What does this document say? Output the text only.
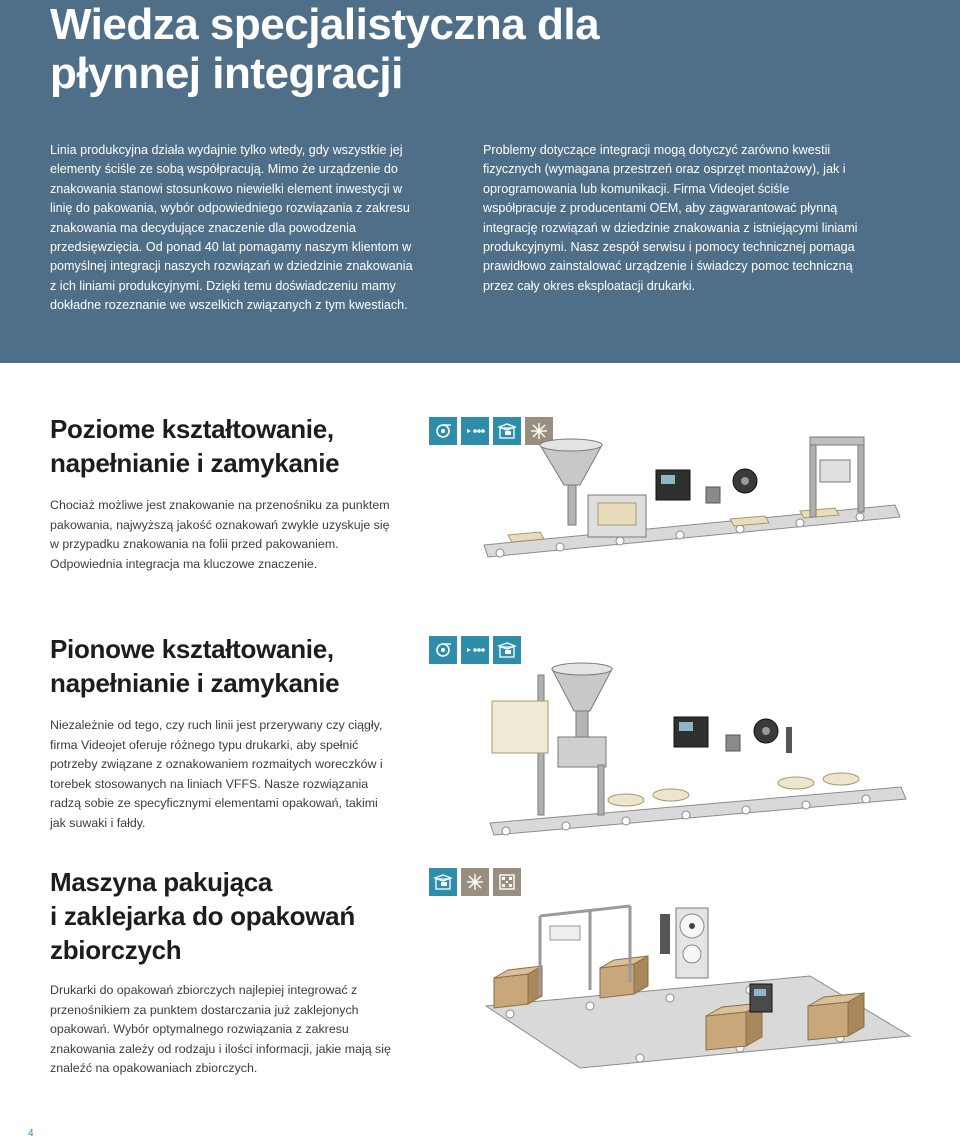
Wiedza specjalistyczna dla
płynnej integracji

Linia produkcyjna działa wydajnie tylko wtedy, gdy wszystkie jej elementy ściśle ze sobą współpracują. Mimo że urządzenie do znakowania stanowi stosunkowo niewielki element inwestycji w linię do pakowania, wybór odpowiedniego rozwiązania z zakresu znakowania ma decydujące znaczenie dla powodzenia przedsięwzięcia. Od ponad 40 lat pomagamy naszym klientom w pomyślnej integracji naszych rozwiązań w dziedzinie znakowania z ich liniami produkcyjnymi. Dzięki temu doświadczeniu mamy dokładne rozeznanie we wszelkich związanych z tym kwestiach.

Problemy dotyczące integracji mogą dotyczyć zarówno kwestii fizycznych (wymagana przestrzeń oraz osprzęt montażowy), jak i oprogramowania lub komunikacji. Firma Videojet ściśle współpracuje z producentami OEM, aby zagwarantować płynną integrację rozwiązań w dziedzinie znakowania z istniejącymi liniami produkcyjnymi. Nasz zespół serwisu i pomocy technicznej pomaga prawidłowo zainstalować urządzenie i świadczy pomoc techniczną przez cały okres eksploatacji drukarki.

Poziome kształtowanie,
napełnianie i zamykanie

Chociaż możliwe jest znakowanie na przenośniku za punktem pakowania, najwyższą jakość oznakowań zwykle uzyskuje się w przypadku znakowania na folii przed pakowaniem. Odpowiednia integracja ma kluczowe znaczenie.

Pionowe kształtowanie,
napełnianie i zamykanie

Niezależnie od tego, czy ruch linii jest przerywany czy ciągły, firma Videojet oferuje różnego typu drukarki, aby spełnić potrzeby związane z oznakowaniem rozmaitych woreczków i torebek stosowanych na liniach VFFS. Nasze rozwiązania radzą sobie ze specyficznymi elementami opakowań, takimi jak suwaki i fałdy.

Maszyna pakująca
i zaklejarka do opakowań
zbiorczych

Drukarki do opakowań zbiorczych najlepiej integrować z przenośnikiem za punktem dostarczania już zaklejonych opakowań. Wybór optymalnego rozwiązania z zakresu znakowania zależy od rodzaju i ilości informacji, jakie mają się znaleźć na opakowaniach zbiorczych.

4
